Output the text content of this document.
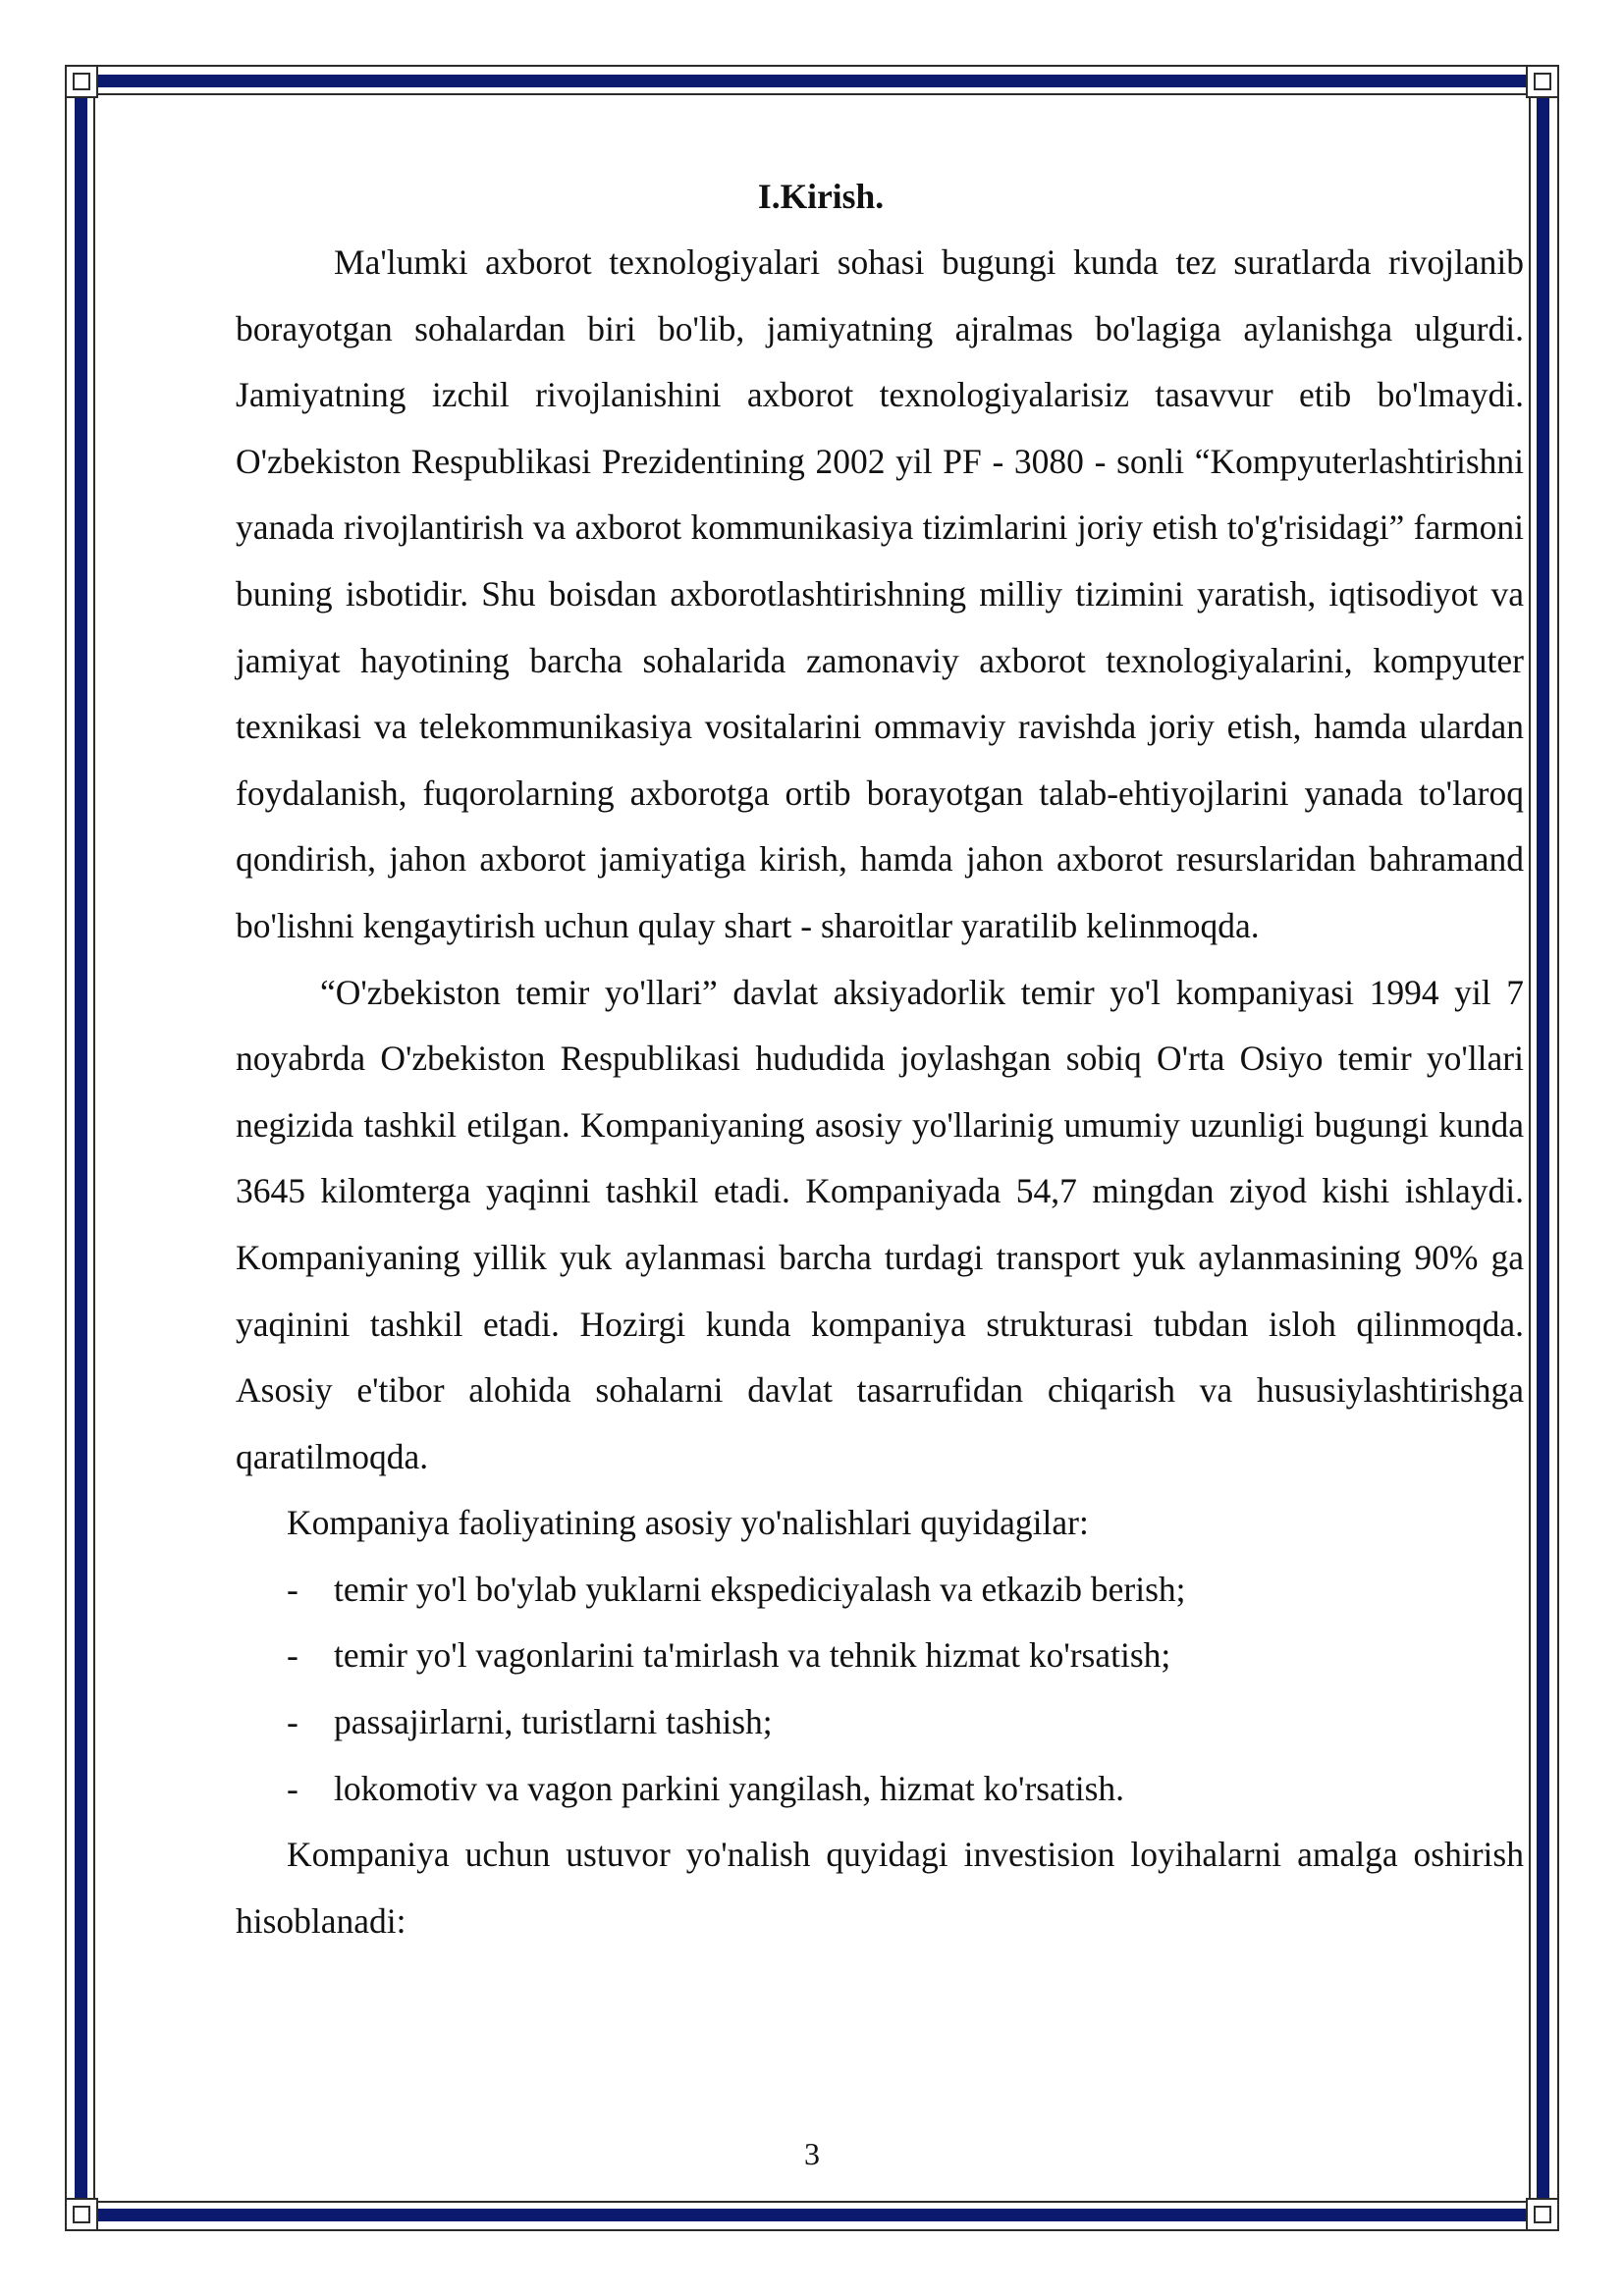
I.Kirish.

Ma'lumki axborot texnologiyalari sohasi bugungi kunda tez suratlarda rivojlanib borayotgan sohalardan biri bo'lib, jamiyatning ajralmas bo'lagiga aylanishga ulgurdi. Jamiyatning izchil rivojlanishini axborot texnologiyalarisiz tasavvur etib bo'lmaydi. O'zbekiston Respublikasi Prezidentining 2002 yil PF - 3080 - sonli “Kompyuterlashtirishni yanada rivojlantirish va axborot kommunikasiya tizimlarini joriy etish to'g'risidagi” farmoni buning isbotidir. Shu boisdan axborotlashtirishning milliy tizimini yaratish, iqtisodiyot va jamiyat hayotining barcha sohalarida zamonaviy axborot texnologiyalarini, kompyuter texnikasi va telekommunikasiya vositalarini ommaviy ravishda joriy etish, hamda ulardan foydalanish, fuqorolarning axborotga ortib borayotgan talab-ehtiyojlarini yanada to'laroq qondirish, jahon axborot jamiyatiga kirish, hamda jahon axborot resurslaridan bahramand bo'lishni kengaytirish uchun qulay shart - sharoitlar yaratilib kelinmoqda.

“O'zbekiston temir yo'llari” davlat aksiyadorlik temir yo'l kompaniyasi 1994 yil 7 noyabrda O'zbekiston Respublikasi hududida joylashgan sobiq O'rta Osiyo temir yo'llari negizida tashkil etilgan. Kompaniyaning asosiy yo'llarinig umumiy uzunligi bugungi kunda 3645 kilomterga yaqinni tashkil etadi. Kompaniyada 54,7 mingdan ziyod kishi ishlaydi. Kompaniyaning yillik yuk aylanmasi barcha turdagi transport yuk aylanmasining 90% ga yaqinini tashkil etadi. Hozirgi kunda kompaniya strukturasi tubdan isloh qilinmoqda. Asosiy e'tibor alohida sohalarni davlat tasarrufidan chiqarish va hususiylashtirishga qaratilmoqda.

Kompaniya faoliyatining asosiy yo'nalishlari quyidagilar:

- temir yo'l bo'ylab yuklarni ekspediciyalash va etkazib berish;
- temir yo'l vagonlarini ta'mirlash va tehnik hizmat ko'rsatish;
- passajirlarni, turistlarni tashish;
- lokomotiv va vagon parkini yangilash, hizmat ko'rsatish.

Kompaniya uchun ustuvor yo'nalish quyidagi investision loyihalarni amalga oshirish hisoblanadi:

3
